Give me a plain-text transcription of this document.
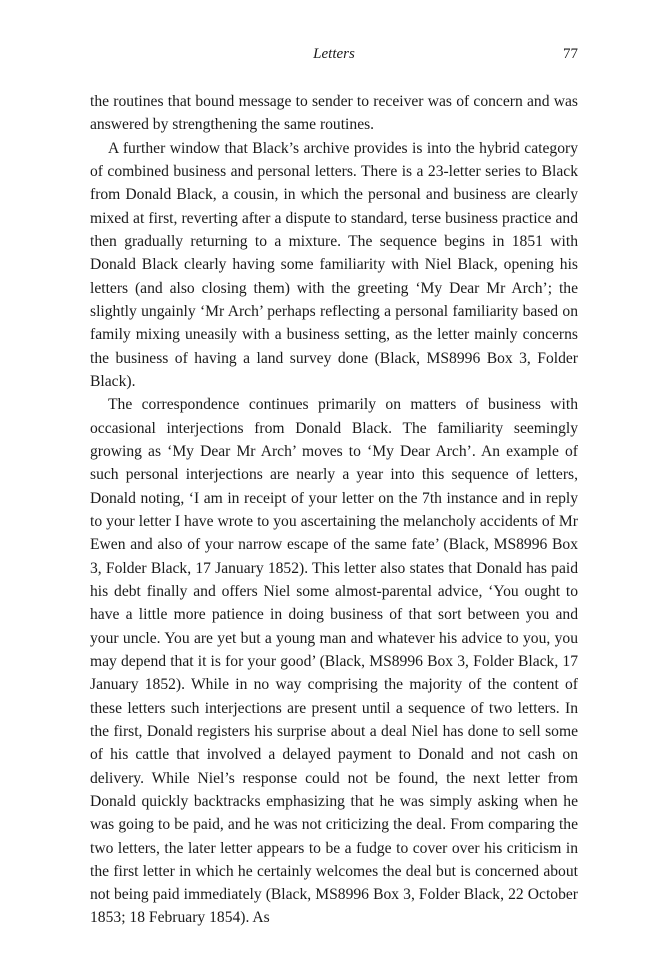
Letters	77

the routines that bound message to sender to receiver was of concern and was answered by strengthening the same routines.

A further window that Black’s archive provides is into the hybrid category of combined business and personal letters. There is a 23-letter series to Black from Donald Black, a cousin, in which the personal and business are clearly mixed at first, reverting after a dispute to standard, terse business practice and then gradually returning to a mixture. The sequence begins in 1851 with Donald Black clearly having some familiarity with Niel Black, opening his letters (and also closing them) with the greeting ‘My Dear Mr Arch’; the slightly ungainly ‘Mr Arch’ perhaps reflecting a personal familiarity based on family mixing uneasily with a business setting, as the letter mainly concerns the business of having a land survey done (Black, MS8996 Box 3, Folder Black).

The correspondence continues primarily on matters of business with occasional interjections from Donald Black. The familiarity seemingly growing as ‘My Dear Mr Arch’ moves to ‘My Dear Arch’. An example of such personal interjections are nearly a year into this sequence of letters, Donald noting, ‘I am in receipt of your letter on the 7th instance and in reply to your letter I have wrote to you ascertaining the melancholy accidents of Mr Ewen and also of your narrow escape of the same fate’ (Black, MS8996 Box 3, Folder Black, 17 January 1852). This letter also states that Donald has paid his debt finally and offers Niel some almost-parental advice, ‘You ought to have a little more patience in doing business of that sort between you and your uncle. You are yet but a young man and whatever his advice to you, you may depend that it is for your good’ (Black, MS8996 Box 3, Folder Black, 17 January 1852). While in no way comprising the majority of the content of these letters such interjections are present until a sequence of two letters. In the first, Donald registers his surprise about a deal Niel has done to sell some of his cattle that involved a delayed payment to Donald and not cash on delivery. While Niel’s response could not be found, the next letter from Donald quickly backtracks emphasizing that he was simply asking when he was going to be paid, and he was not criticizing the deal. From comparing the two letters, the later letter appears to be a fudge to cover over his criticism in the first letter in which he certainly welcomes the deal but is concerned about not being paid immediately (Black, MS8996 Box 3, Folder Black, 22 October 1853; 18 February 1854). As
